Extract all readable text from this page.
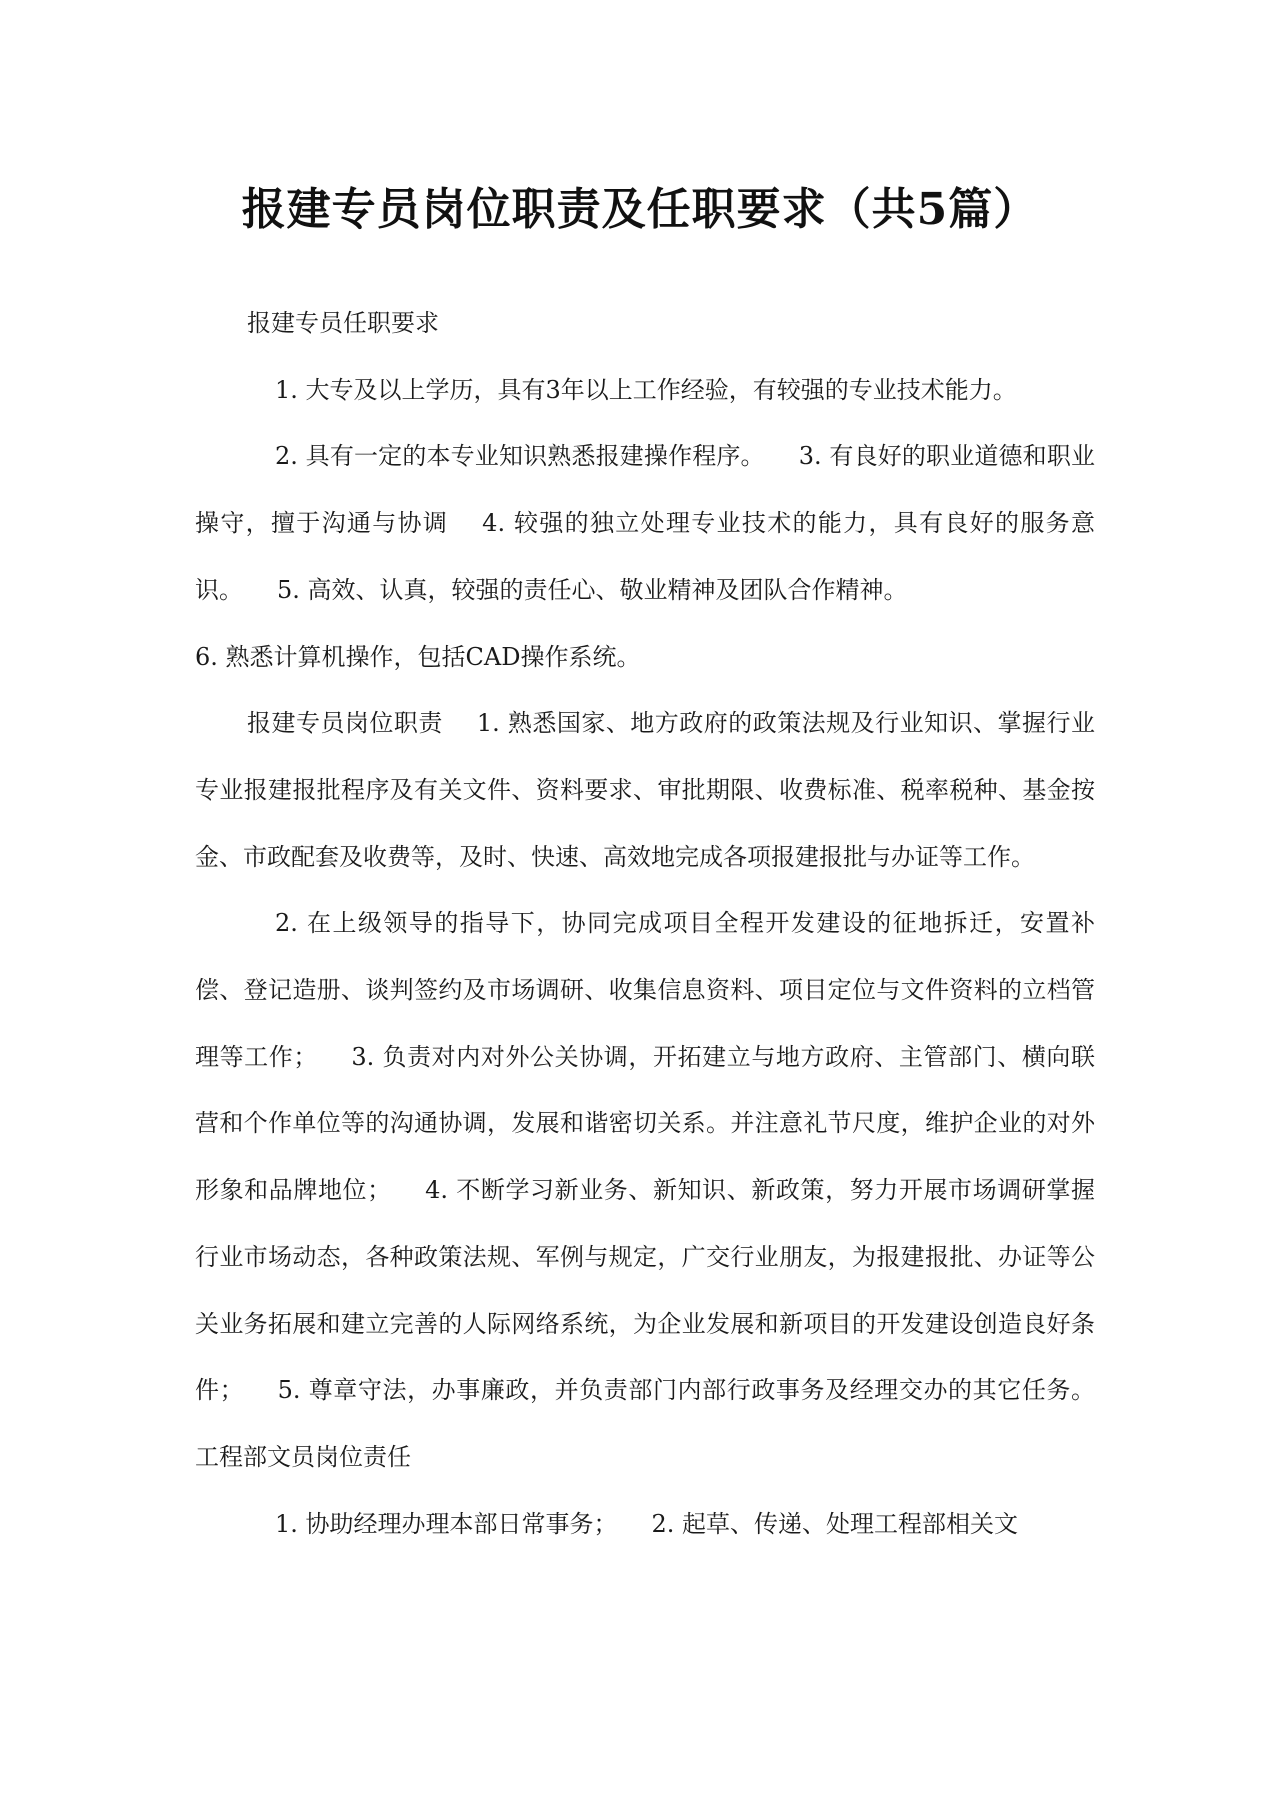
报建专员岗位职责及任职要求（共5篇）

报建专员任职要求

1. 大专及以上学历，具有3年以上工作经验，有较强的专业技术能力。

2. 具有一定的本专业知识熟悉报建操作程序。 3. 有良好的职业道德和职业操守，擅于沟通与协调 4. 较强的独立处理专业技术的能力，具有良好的服务意识。 5. 高效、认真，较强的责任心、敬业精神及团队合作精神。

6. 熟悉计算机操作，包括CAD操作系统。

报建专员岗位职责 1. 熟悉国家、地方政府的政策法规及行业知识、掌握行业专业报建报批程序及有关文件、资料要求、审批期限、收费标准、税率税种、基金按金、市政配套及收费等，及时、快速、高效地完成各项报建报批与办证等工作。

2. 在上级领导的指导下，协同完成项目全程开发建设的征地拆迁，安置补偿、登记造册、谈判签约及市场调研、收集信息资料、项目定位与文件资料的立档管理等工作； 3. 负责对内对外公关协调，开拓建立与地方政府、主管部门、横向联营和个作单位等的沟通协调，发展和谐密切关系。并注意礼节尺度，维护企业的对外形象和品牌地位； 4. 不断学习新业务、新知识、新政策，努力开展市场调研掌握行业市场动态，各种政策法规、军例与规定，广交行业朋友，为报建报批、办证等公关业务拓展和建立完善的人际网络系统，为企业发展和新项目的开发建设创造良好条件； 5. 尊章守法，办事廉政，并负责部门内部行政事务及经理交办的其它任务。工程部文员岗位责任

1. 协助经理办理本部日常事务； 2. 起草、传递、处理工程部相关文
